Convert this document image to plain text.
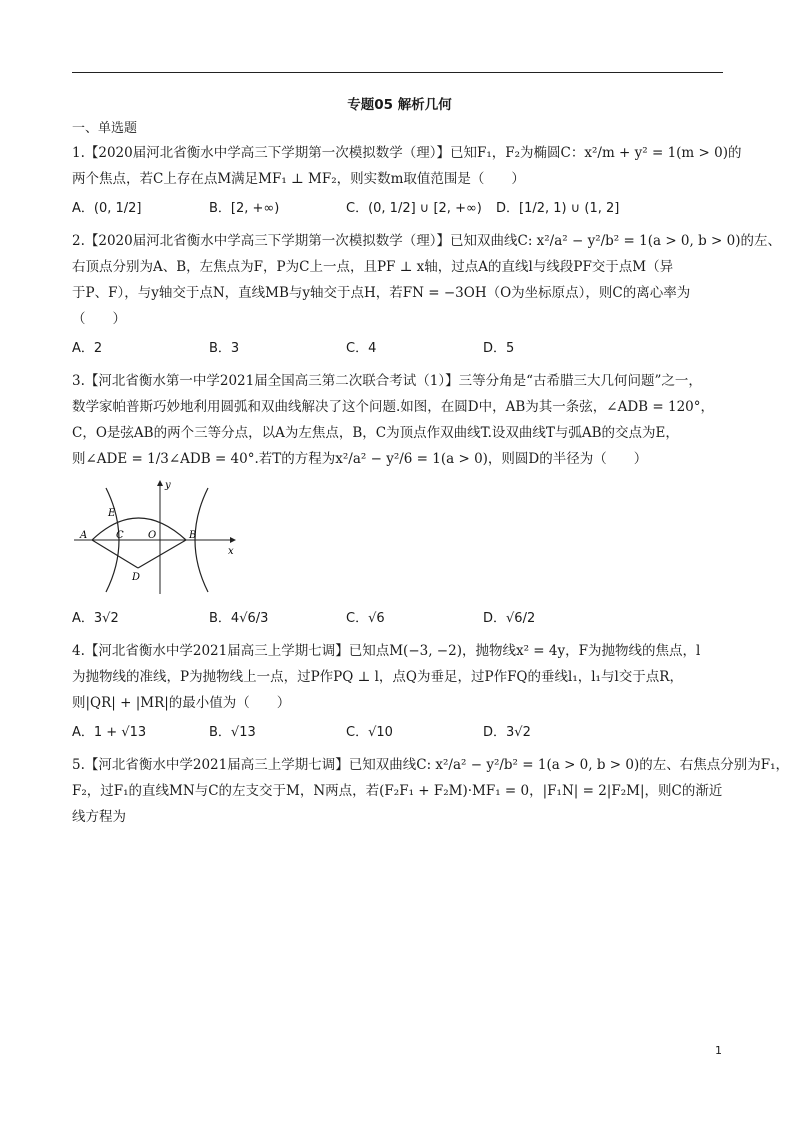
专题05 解析几何
一、单选题
1.【2020届河北省衡水中学高三下学期第一次模拟数学（理）】已知F₁，F₂为椭圆C：x²/m + y² = 1(m > 0)的
两个焦点，若C上存在点M满足MF₁ ⊥ MF₂，则实数m取值范围是（　　）
A．(0, 1/2]	B．[2, +∞)	C．(0, 1/2] ∪ [2, +∞)	D．[1/2, 1) ∪ (1, 2]
2.【2020届河北省衡水中学高三下学期第一次模拟数学（理）】已知双曲线C: x²/a² − y²/b² = 1(a > 0, b > 0)的左、
右顶点分别为A、B，左焦点为F，P为C上一点，且PF ⊥ x轴，过点A的直线l与线段PF交于点M（异
于P、F），与y轴交于点N，直线MB与y轴交于点H，若FN = −3OH（O为坐标原点），则C的离心率为
（　　）
A．2	B．3	C．4	D．5
3.【河北省衡水第一中学2021届全国高三第二次联合考试（1）】三等分角是“古希腊三大几何问题”之一，
数学家帕普斯巧妙地利用圆弧和双曲线解决了这个问题.如图，在圆D中，AB为其一条弦，∠ADB = 120°，
C，O是弦AB的两个三等分点，以A为左焦点，B，C为顶点作双曲线T.设双曲线T与弧AB的交点为E，
则∠ADE = 1/3∠ADB = 40°.若T的方程为x²/a² − y²/6 = 1(a > 0)，则圆D的半径为（　　）
y
x
A
E
C O	B
D
A．3√2	B．4√6/3	C．√6	D．√6/2
4.【河北省衡水中学2021届高三上学期七调】已知点M(−3, −2)，抛物线x² = 4y，F为抛物线的焦点，l
为抛物线的准线，P为抛物线上一点，过P作PQ ⊥ l，点Q为垂足，过P作FQ的垂线l₁，l₁与l交于点R，
则|QR| + |MR|的最小值为（　　）
A．1 + √13	B．√13	C．√10	D．3√2
5.【河北省衡水中学2021届高三上学期七调】已知双曲线C: x²/a² − y²/b² = 1(a > 0, b > 0)的左、右焦点分别为F₁，
F₂，过F₁的直线MN与C的左支交于M，N两点，若(F₂F₁ + F₂M)·MF₁ = 0，|F₁N| = 2|F₂M|，则C的渐近
线方程为
1
